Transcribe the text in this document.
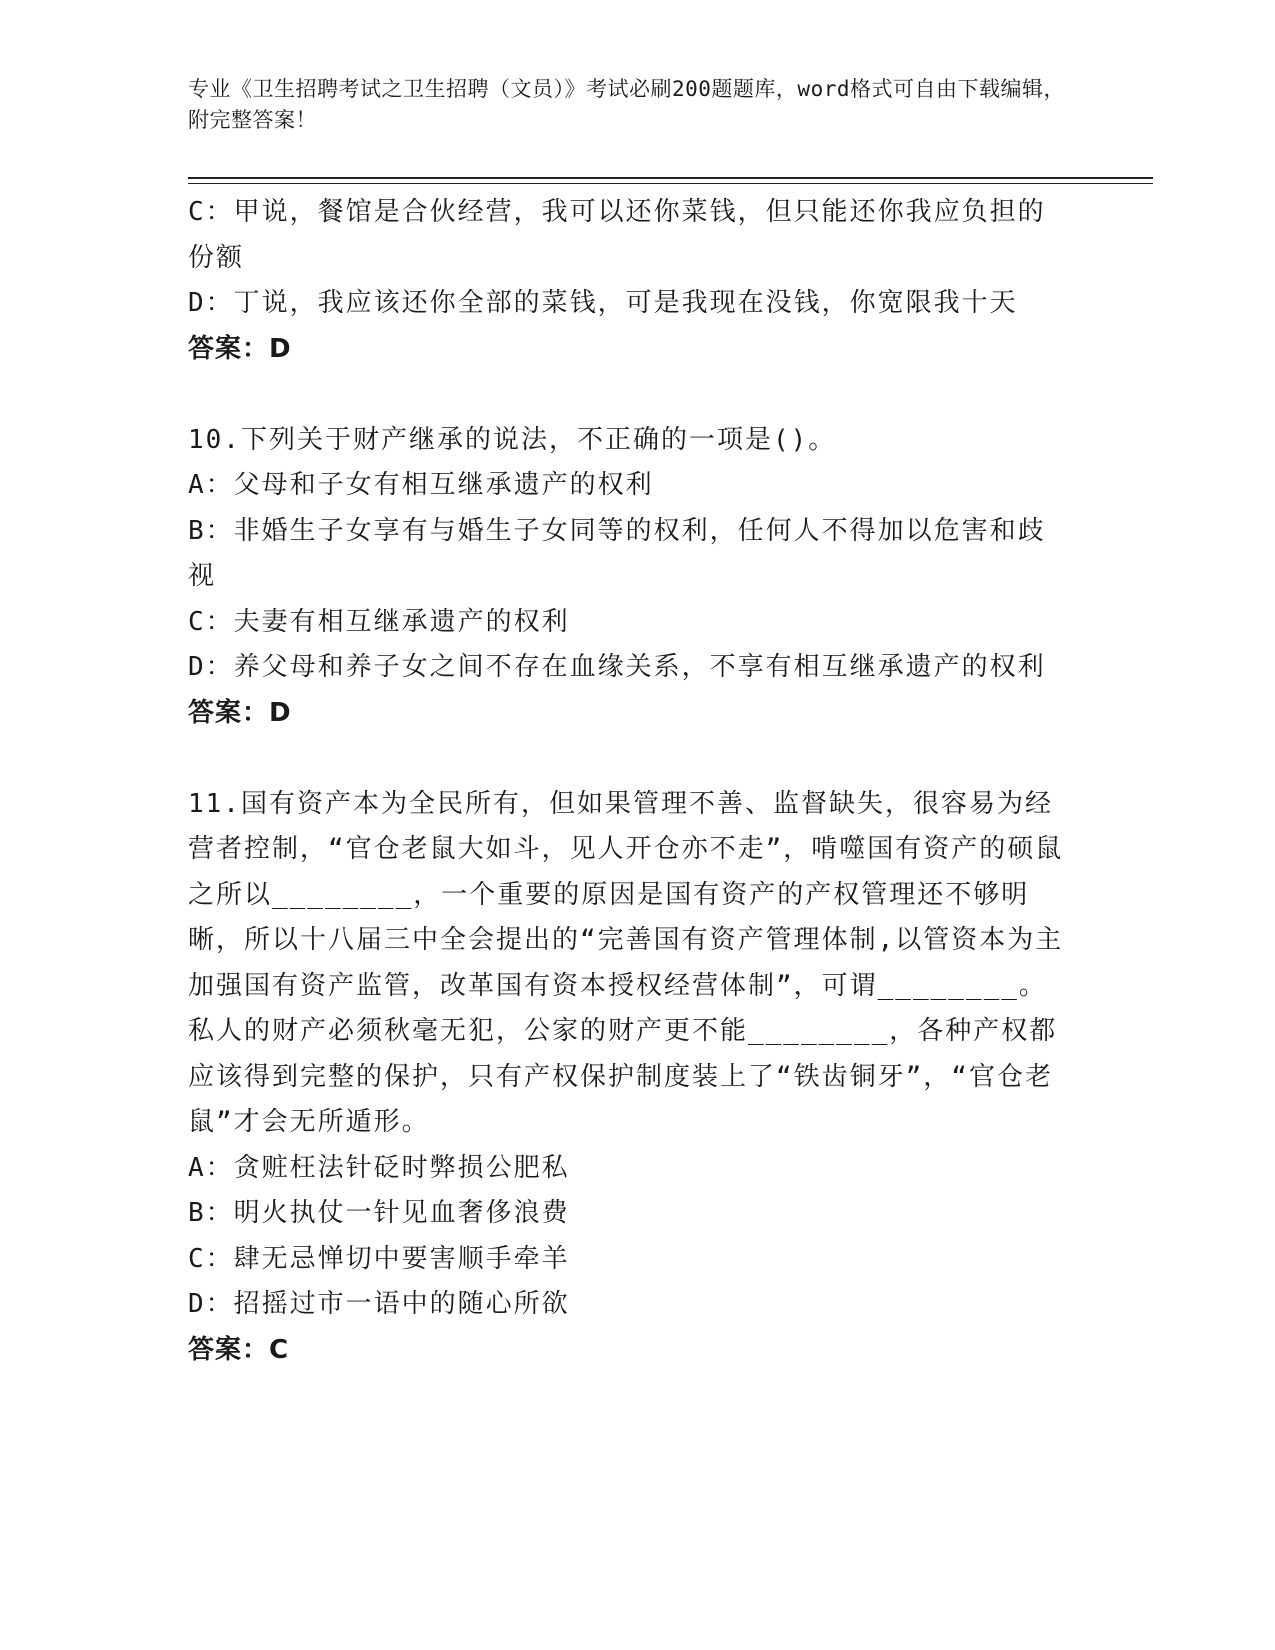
专业《卫生招聘考试之卫生招聘（文员）》考试必刷200题题库，word格式可自由下载编辑，附完整答案！
C：甲说，餐馆是合伙经营，我可以还你菜钱，但只能还你我应负担的
份额
D：丁说，我应该还你全部的菜钱，可是我现在没钱，你宽限我十天
答案：D
10.下列关于财产继承的说法，不正确的一项是()。
A：父母和子女有相互继承遗产的权利
B：非婚生子女享有与婚生子女同等的权利，任何人不得加以危害和歧
视
C：夫妻有相互继承遗产的权利
D：养父母和养子女之间不存在血缘关系，不享有相互继承遗产的权利
答案：D
11.国有资产本为全民所有，但如果管理不善、监督缺失，很容易为经营者控制，“官仓老鼠大如斗，见人开仓亦不走”，啃噬国有资产的硕鼠之所以________，一个重要的原因是国有资产的产权管理还不够明晰，所以十八届三中全会提出的“完善国有资产管理体制,以管资本为主加强国有资产监管，改革国有资本授权经营体制”，可谓________。私人的财产必须秋毫无犯，公家的财产更不能________，各种产权都应该得到完整的保护，只有产权保护制度装上了“铁齿铜牙”，“官仓老鼠”才会无所遁形。
A：贪赃枉法针砭时弊损公肥私
B：明火执仗一针见血奢侈浪费
C：肆无忌惮切中要害顺手牵羊
D：招摇过市一语中的随心所欲
答案：C
